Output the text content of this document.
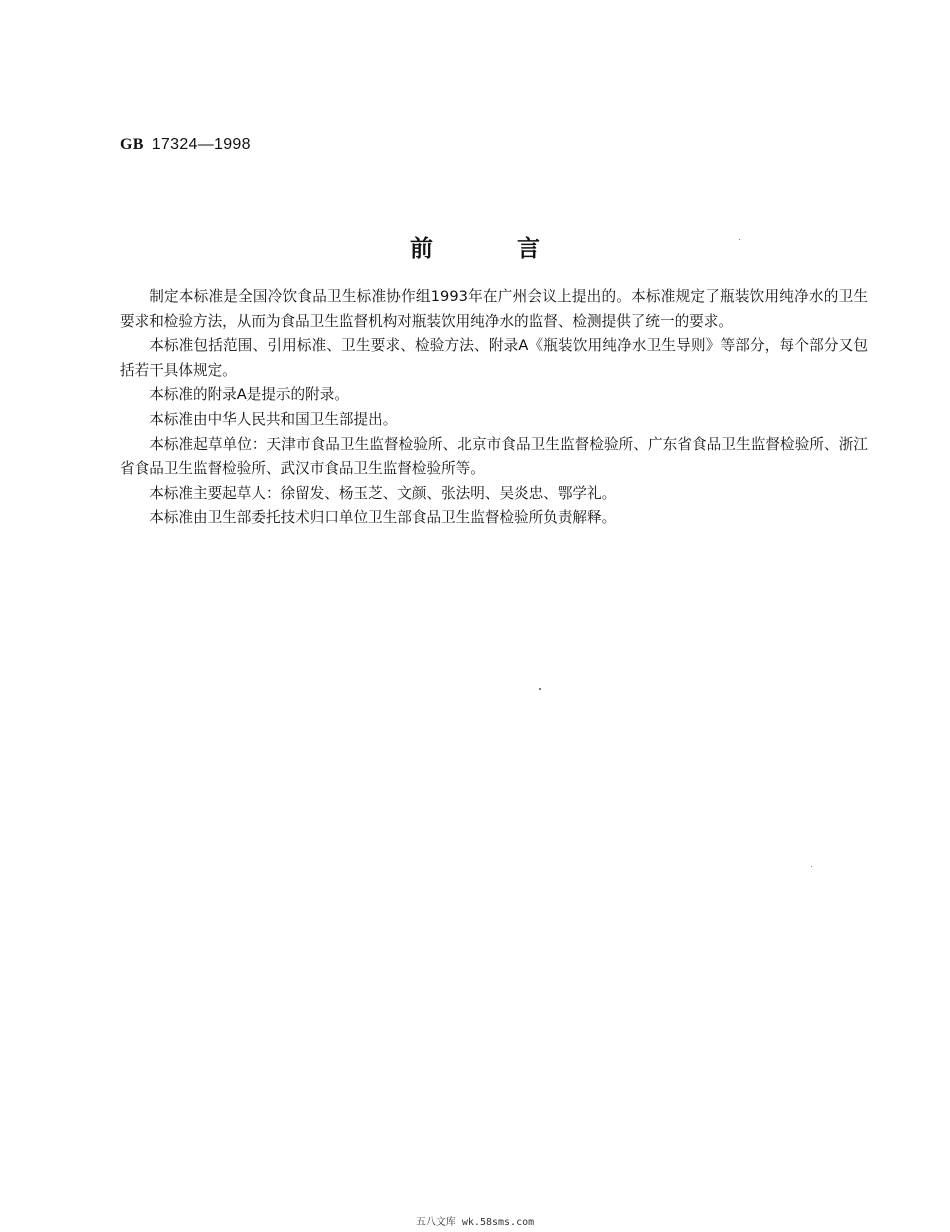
GB 17324—1998
前	言

制定本标准是全国冷饮食品卫生标准协作组1993年在广州会议上提出的。本标准规定了瓶装饮用纯净水的卫生要求和检验方法，从而为食品卫生监督机构对瓶装饮用纯净水的监督、检测提供了统一的要求。

本标准包括范围、引用标准、卫生要求、检验方法、附录A《瓶装饮用纯净水卫生导则》等部分，每个部分又包括若干具体规定。

本标准的附录A是提示的附录。

本标准由中华人民共和国卫生部提出。

本标准起草单位：天津市食品卫生监督检验所、北京市食品卫生监督检验所、广东省食品卫生监督检验所、浙江省食品卫生监督检验所、武汉市食品卫生监督检验所等。

本标准主要起草人：徐留发、杨玉芝、文颜、张法明、吴炎忠、鄂学礼。

本标准由卫生部委托技术归口单位卫生部食品卫生监督检验所负责解释。

五八文库 wk.58sms.com
